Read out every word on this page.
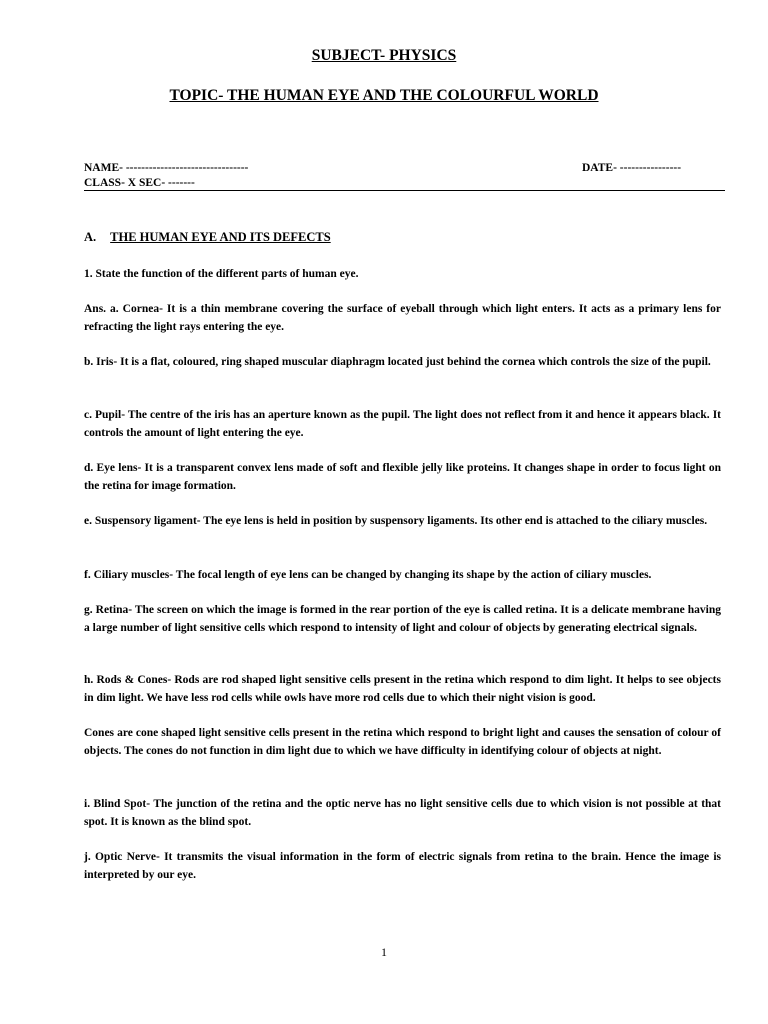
SUBJECT- PHYSICS
TOPIC- THE HUMAN EYE AND THE COLOURFUL WORLD
NAME- --------------------------------	DATE- ----------------
CLASS- X SEC- -------
A. THE HUMAN EYE AND ITS DEFECTS

1. State the function of the different parts of human eye.

Ans. a. Cornea- It is a thin membrane covering the surface of eyeball through which light enters. It acts as a primary lens for refracting the light rays entering the eye.

b. Iris- It is a flat, coloured, ring shaped muscular diaphragm located just behind the cornea which controls the size of the pupil.

c. Pupil- The centre of the iris has an aperture known as the pupil. The light does not reflect from it and hence it appears black. It controls the amount of light entering the eye.

d. Eye lens- It is a transparent convex lens made of soft and flexible jelly like proteins. It changes shape in order to focus light on the retina for image formation.

e. Suspensory ligament- The eye lens is held in position by suspensory ligaments. Its other end is attached to the ciliary muscles.

f. Ciliary muscles- The focal length of eye lens can be changed by changing its shape by the action of ciliary muscles.

g. Retina- The screen on which the image is formed in the rear portion of the eye is called retina. It is a delicate membrane having a large number of light sensitive cells which respond to intensity of light and colour of objects by generating electrical signals.

h. Rods & Cones- Rods are rod shaped light sensitive cells present in the retina which respond to dim light. It helps to see objects in dim light. We have less rod cells while owls have more rod cells due to which their night vision is good.

Cones are cone shaped light sensitive cells present in the retina which respond to bright light and causes the sensation of colour of objects. The cones do not function in dim light due to which we have difficulty in identifying colour of objects at night.

i. Blind Spot- The junction of the retina and the optic nerve has no light sensitive cells due to which vision is not possible at that spot. It is known as the blind spot.

j. Optic Nerve- It transmits the visual information in the form of electric signals from retina to the brain. Hence the image is interpreted by our eye.

1
